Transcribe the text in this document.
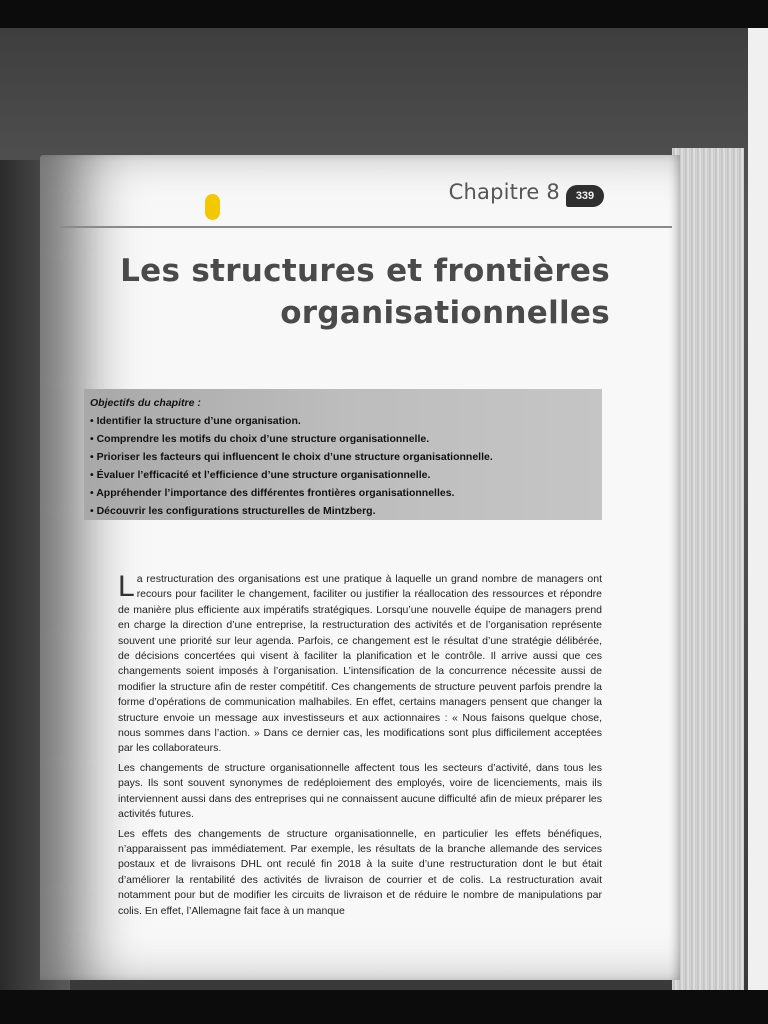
Chapitre 8	339
Les structures et frontières
organisationnelles
Objectifs du chapitre :
• Identifier la structure d’une organisation.
• Comprendre les motifs du choix d’une structure organisationnelle.
• Prioriser les facteurs qui influencent le choix d’une structure organisationnelle.
• Évaluer l’efficacité et l’efficience d’une structure organisationnelle.
• Appréhender l’importance des différentes frontières organisationnelles.
• Découvrir les configurations structurelles de Mintzberg.

La restructuration des organisations est une pratique à laquelle un grand nombre de managers ont recours pour faciliter le changement, faciliter ou justifier la réallocation des ressources et répondre de manière plus efficiente aux impératifs stratégiques. Lorsqu’une nouvelle équipe de managers prend en charge la direction d’une entreprise, la restructuration des activités et de l’organisation représente souvent une priorité sur leur agenda. Parfois, ce changement est le résultat d’une stratégie délibérée, de décisions concertées qui visent à faciliter la planification et le contrôle. Il arrive aussi que ces changements soient imposés à l’organisation. L’intensification de la concurrence nécessite aussi de modifier la structure afin de rester compétitif. Ces changements de structure peuvent parfois prendre la forme d’opérations de communication malhabiles. En effet, certains managers pensent que changer la structure envoie un message aux investisseurs et aux actionnaires : « Nous faisons quelque chose, nous sommes dans l’action. » Dans ce dernier cas, les modifications sont plus difficilement acceptées par les collaborateurs.

Les changements de structure organisationnelle affectent tous les secteurs d’activité, dans tous les pays. Ils sont souvent synonymes de redéploiement des employés, voire de licenciements, mais ils interviennent aussi dans des entreprises qui ne connaissent aucune difficulté afin de mieux préparer les activités futures.

Les effets des changements de structure organisationnelle, en particulier les effets bénéfiques, n’apparaissent pas immédiatement. Par exemple, les résultats de la branche allemande des services postaux et de livraisons DHL ont reculé fin 2018 à la suite d’une restructuration dont le but était d’améliorer la rentabilité des activités de livraison de courrier et de colis. La restructuration avait notamment pour but de modifier les circuits de livraison et de réduire le nombre de manipulations par colis. En effet, l’Allemagne fait face à un manque
